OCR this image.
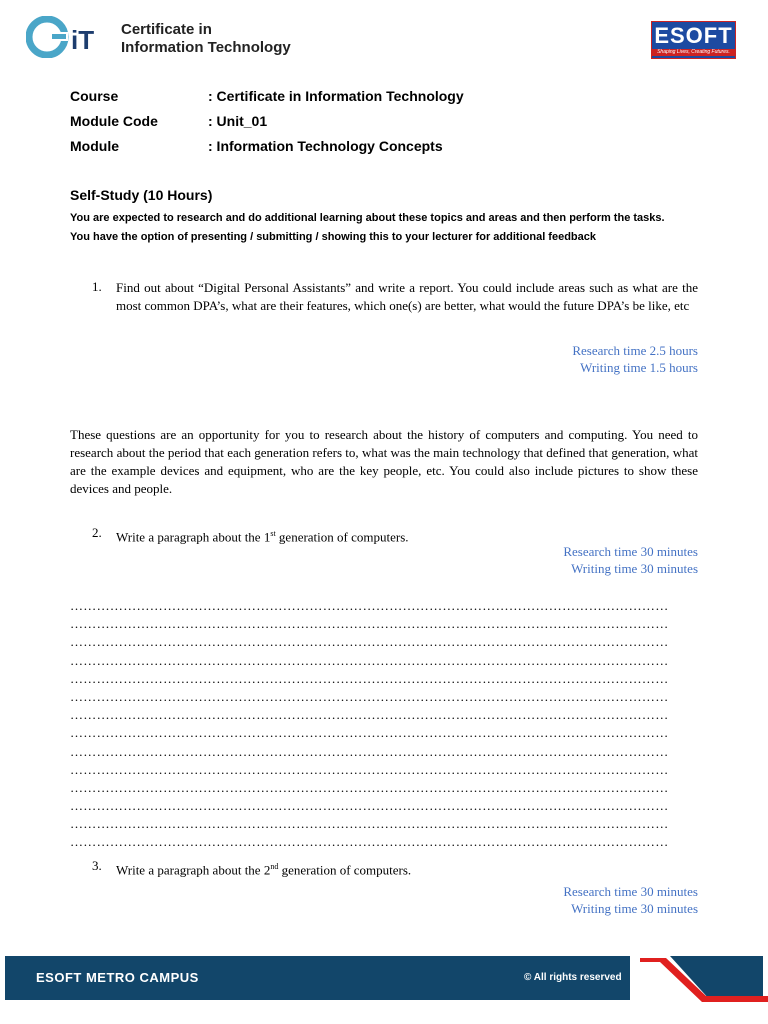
iT Certificate in
Information Technology	ESOFT
Shaping Lives, Creating Futures.
Course	: Certificate in Information Technology
Module Code	: Unit_01
Module	: Information Technology Concepts
Self-Study (10 Hours)
You are expected to research and do additional learning about these topics and areas and then perform the tasks.
You have the option of presenting / submitting / showing this to your lecturer for additional feedback
1. Find out about “Digital Personal Assistants” and write a report. You could include areas such as what are the most common DPA’s, what are their features, which one(s) are better, what would the future DPA’s be like, etc
Research time 2.5 hours
Writing time 1.5 hours
These questions are an opportunity for you to research about the history of computers and computing. You need to research about the period that each generation refers to, what was the main technology that defined that generation, what are the example devices and equipment, who are the key people, etc. You could also include pictures to show these devices and people.
2. Write a paragraph about the 1st generation of computers.
Research time 30 minutes
Writing time 30 minutes
………………………………………………………………………………………………………………………
………………………………………………………………………………………………………………………
………………………………………………………………………………………………………………………
………………………………………………………………………………………………………………………
………………………………………………………………………………………………………………………
………………………………………………………………………………………………………………………
………………………………………………………………………………………………………………………
………………………………………………………………………………………………………………………
………………………………………………………………………………………………………………………
………………………………………………………………………………………………………………………
………………………………………………………………………………………………………………………
………………………………………………………………………………………………………………………
………………………………………………………………………………………………………………………
………………………………………………………………………………………………………………………
3. Write a paragraph about the 2nd generation of computers.
Research time 30 minutes
Writing time 30 minutes
ESOFT METRO CAMPUS	© All rights reserved
